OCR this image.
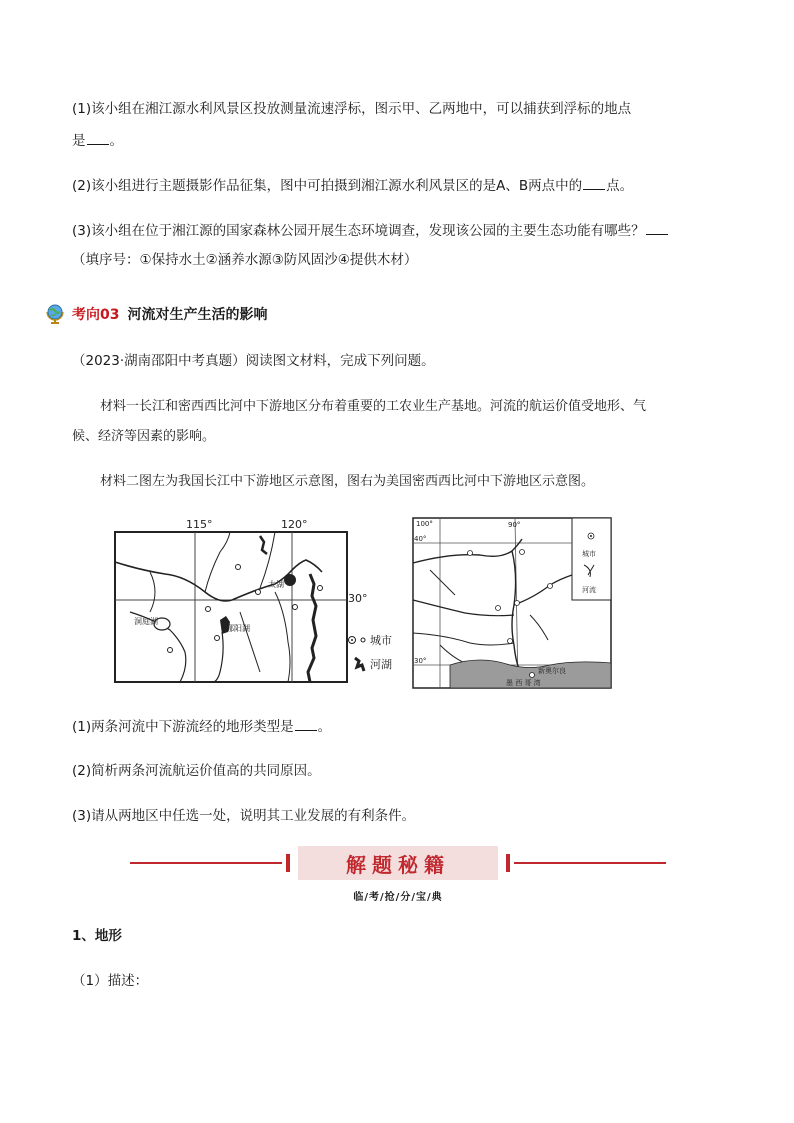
(1)该小组在湘江源水利风景区投放测量流速浮标，图示甲、乙两地中，可以捕获到浮标的地点
是 。
(2)该小组进行主题摄影作品征集，图中可拍摄到湘江源水利风景区的是A、B两点中的 点。
(3)该小组在位于湘江源的国家森林公园开展生态环境调查，发现该公园的主要生态功能有哪些？
（填序号：①保持水土②涵养水源③防风固沙④提供木材）
考向03 河流对生产生活的影响
（2023·湖南邵阳中考真题）阅读图文材料，完成下列问题。
材料一长江和密西西比河中下游地区分布着重要的工农业生产基地。河流的航运价值受地形、气
候、经济等因素的影响。
材料二图左为我国长江中下游地区示意图，图右为美国密西西比河中下游地区示意图。
115°	120°
30°
太湖
洞庭湖
鄱阳湖
城市
河湖
100°	90°
40°
30°
新奥尔良
墨 西 哥 湾
城市
河流
(1)两条河流中下游流经的地形类型是 。
(2)简析两条河流航运价值高的共同原因。
(3)请从两地区中任选一处，说明其工业发展的有利条件。
解题秘籍
临/考/抢/分/宝/典
1、地形
（1）描述：
